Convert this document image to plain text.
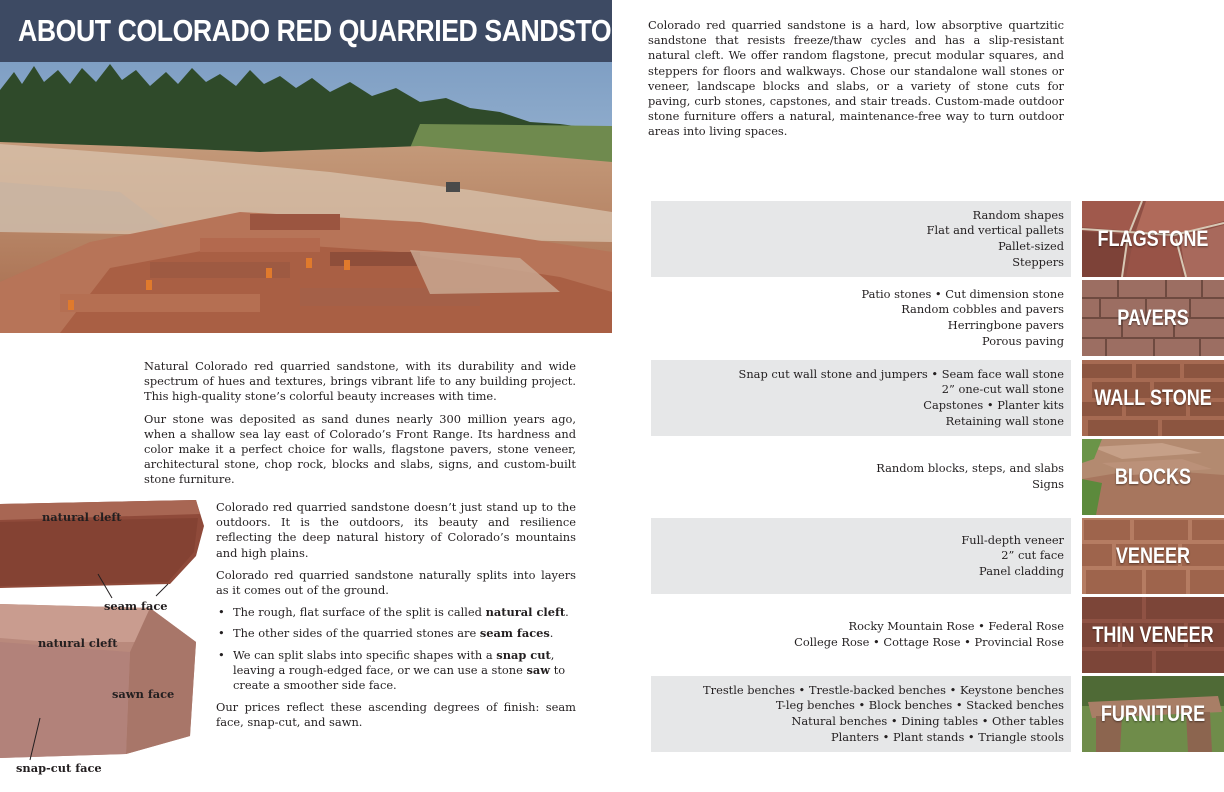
ABOUT COLORADO RED QUARRIED SANDSTONE

Natural Colorado red quarried sandstone, with its durability and wide spectrum of hues and textures, brings vibrant life to any building project. This high-quality stone’s colorful beauty increases with time.

Our stone was deposited as sand dunes nearly 300 million years ago, when a shallow sea lay east of Colorado’s Front Range. Its hardness and color make it a perfect choice for walls, flagstone pavers, stone veneer, architectural stone, chop rock, blocks and slabs, signs, and custom-built stone furniture.

natural cleft
seam face
natural cleft
sawn face
snap-cut face

Colorado red quarried sandstone doesn’t just stand up to the outdoors. It is the outdoors, its beauty and resilience reflecting the deep natural history of Colorado’s mountains and high plains.

Colorado red quarried sandstone naturally splits into layers as it comes out of the ground.

• The rough, flat surface of the split is called natural cleft.
• The other sides of the quarried stones are seam faces.
• We can split slabs into specific shapes with a snap cut, leaving a rough-edged face, or we can use a stone saw to create a smoother side face.

Our prices reflect these ascending degrees of finish: seam face, snap-cut, and sawn.

Colorado red quarried sandstone is a hard, low absorptive quartzitic sandstone that resists freeze/thaw cycles and has a slip-resistant natural cleft. We offer random flagstone, precut modular squares, and steppers for floors and walkways. Chose our standalone wall stones or veneer, landscape blocks and slabs, or a variety of stone cuts for paving, curb stones, capstones, and stair treads. Custom-made outdoor stone furniture offers a natural, maintenance-free way to turn outdoor areas into living spaces.
Random shapes
Flat and vertical pallets
Pallet-sized
Steppers
FLAGSTONE
Patio stones • Cut dimension stone
Random cobbles and pavers
Herringbone pavers
Porous paving
PAVERS
Snap cut wall stone and jumpers • Seam face wall stone
2” one-cut wall stone
Capstones • Planter kits
Retaining wall stone
WALL STONE
Random blocks, steps, and slabs
Signs	BLOCKS
Full-depth veneer
2” cut face
Panel cladding
VENEER
Rocky Mountain Rose • Federal Rose
College Rose • Cottage Rose • Provincial Rose THIN VENEER
Trestle benches • Trestle-backed benches • Keystone benches
T-leg benches • Block benches • Stacked benches
Natural benches • Dining tables • Other tables
Planters • Plant stands • Triangle stools
FURNITURE
